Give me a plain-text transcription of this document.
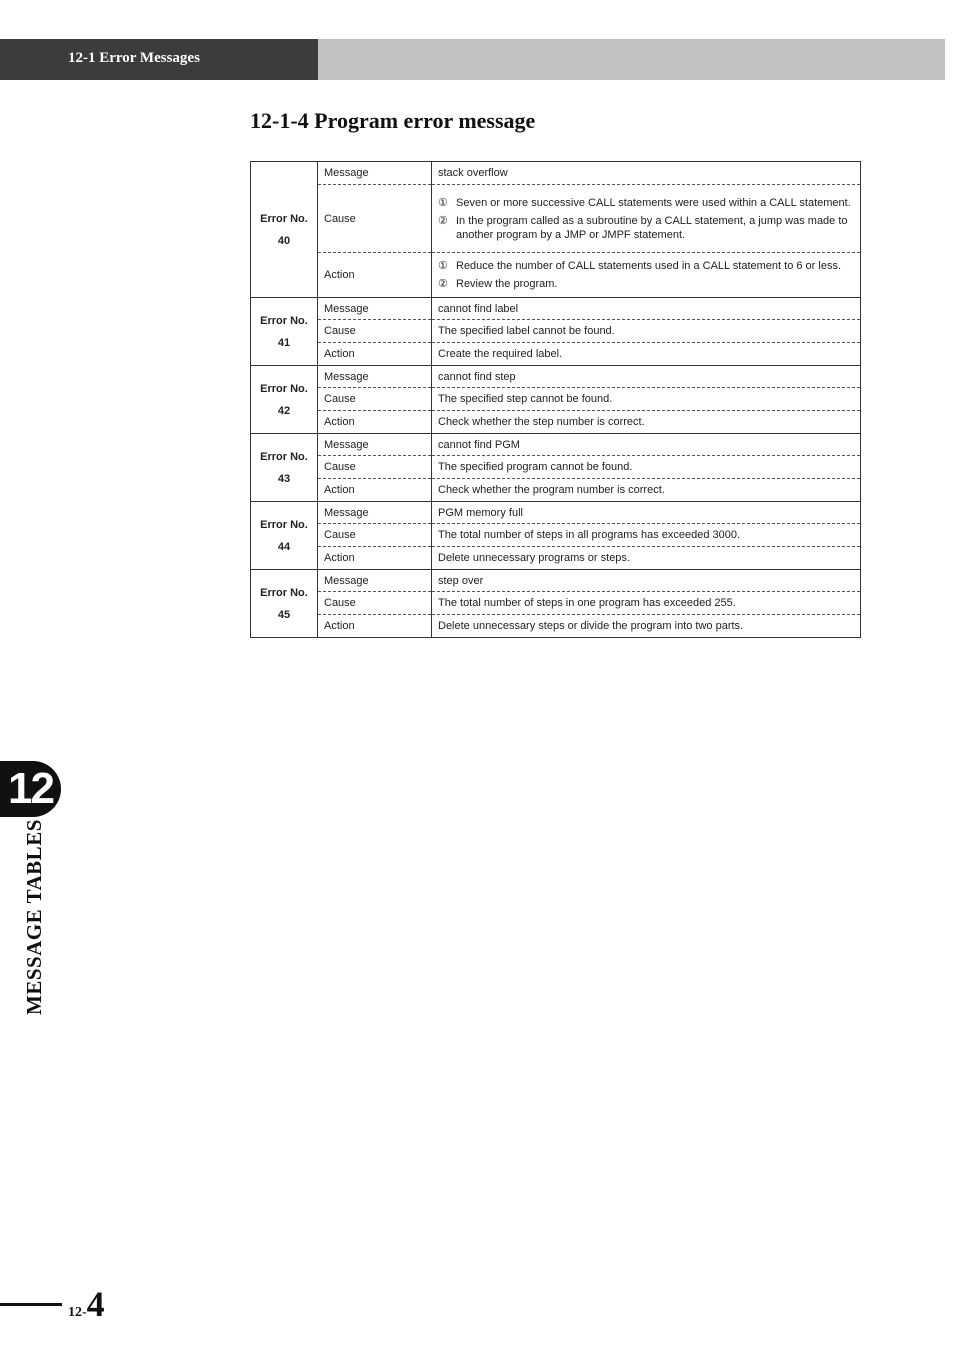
12-1 Error Messages
12-1-4 Program error message
Error No.
40	Message	stack overflow
	Cause	① Seven or more successive CALL statements were used within a CALL statement.
② In the program called as a subroutine by a CALL statement, a jump was made to another program by a JMP or JMPF statement.

	Action	① Reduce the number of CALL statements used in a CALL statement to 6 or less.
② Review the program.

Error No.
41	Message	cannot find label
	Cause	The specified label cannot be found.
	Action	Create the required label.

Error No.
42	Message	cannot find step
	Cause	The specified step cannot be found.
	Action	Check whether the step number is correct.

Error No.
43	Message	cannot find PGM
	Cause	The specified program cannot be found.
	Action	Check whether the program number is correct.

Error No.
44	Message	PGM memory full
	Cause	The total number of steps in all programs has exceeded 3000.
	Action	Delete unnecessary programs or steps.

Error No.
45	Message	step over
	Cause	The total number of steps in one program has exceeded 255.
	Action	Delete unnecessary steps or divide the program into two parts.
12
MESSAGE TABLES
12-4
